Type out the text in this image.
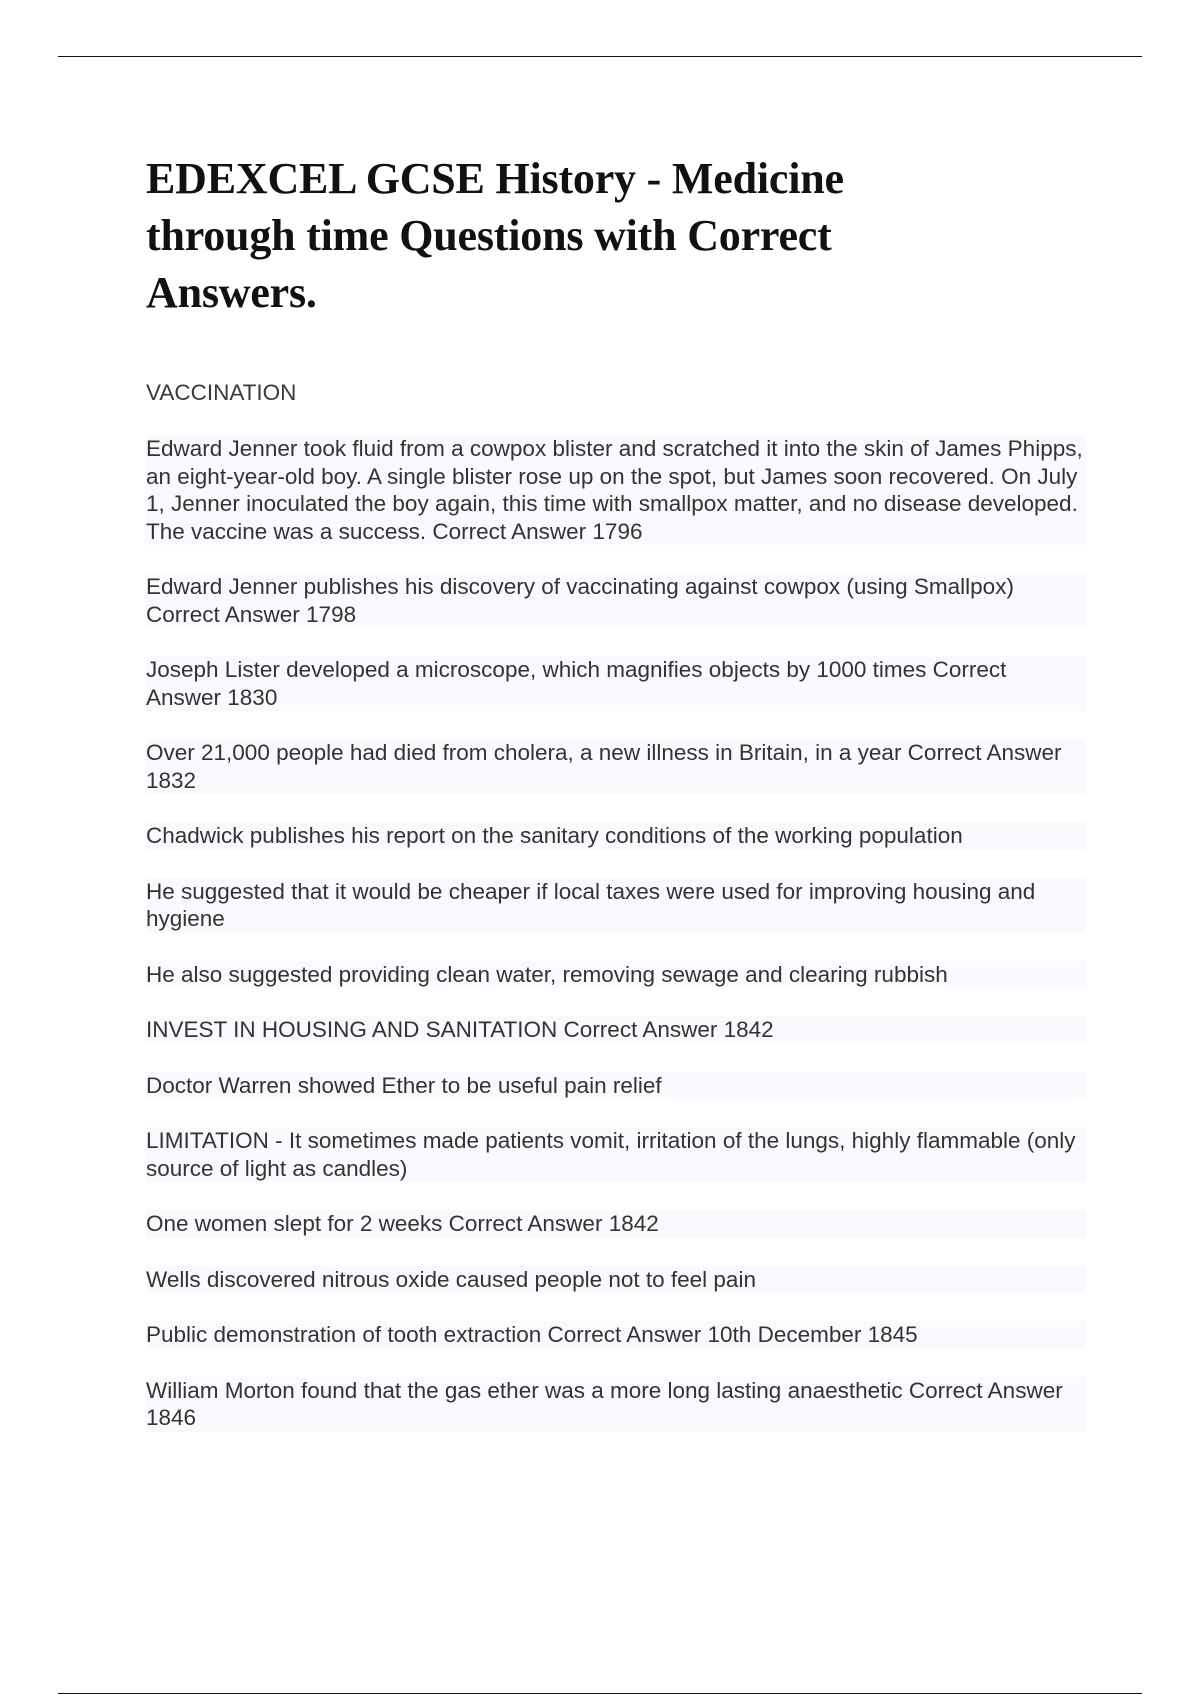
EDEXCEL GCSE History - Medicine through time Questions with Correct Answers.
VACCINATION

Edward Jenner took fluid from a cowpox blister and scratched it into the skin of James Phipps, an eight-year-old boy. A single blister rose up on the spot, but James soon recovered. On July 1, Jenner inoculated the boy again, this time with smallpox matter, and no disease developed. The vaccine was a success. Correct Answer 1796

Edward Jenner publishes his discovery of vaccinating against cowpox (using Smallpox) Correct Answer 1798

Joseph Lister developed a microscope, which magnifies objects by 1000 times Correct Answer 1830

Over 21,000 people had died from cholera, a new illness in Britain, in a year Correct Answer 1832

Chadwick publishes his report on the sanitary conditions of the working population

He suggested that it would be cheaper if local taxes were used for improving housing and hygiene

He also suggested providing clean water, removing sewage and clearing rubbish

INVEST IN HOUSING AND SANITATION Correct Answer 1842

Doctor Warren showed Ether to be useful pain relief

LIMITATION - It sometimes made patients vomit, irritation of the lungs, highly flammable (only source of light as candles)

One women slept for 2 weeks Correct Answer 1842

Wells discovered nitrous oxide caused people not to feel pain

Public demonstration of tooth extraction Correct Answer 10th December 1845

William Morton found that the gas ether was a more long lasting anaesthetic Correct Answer 1846
